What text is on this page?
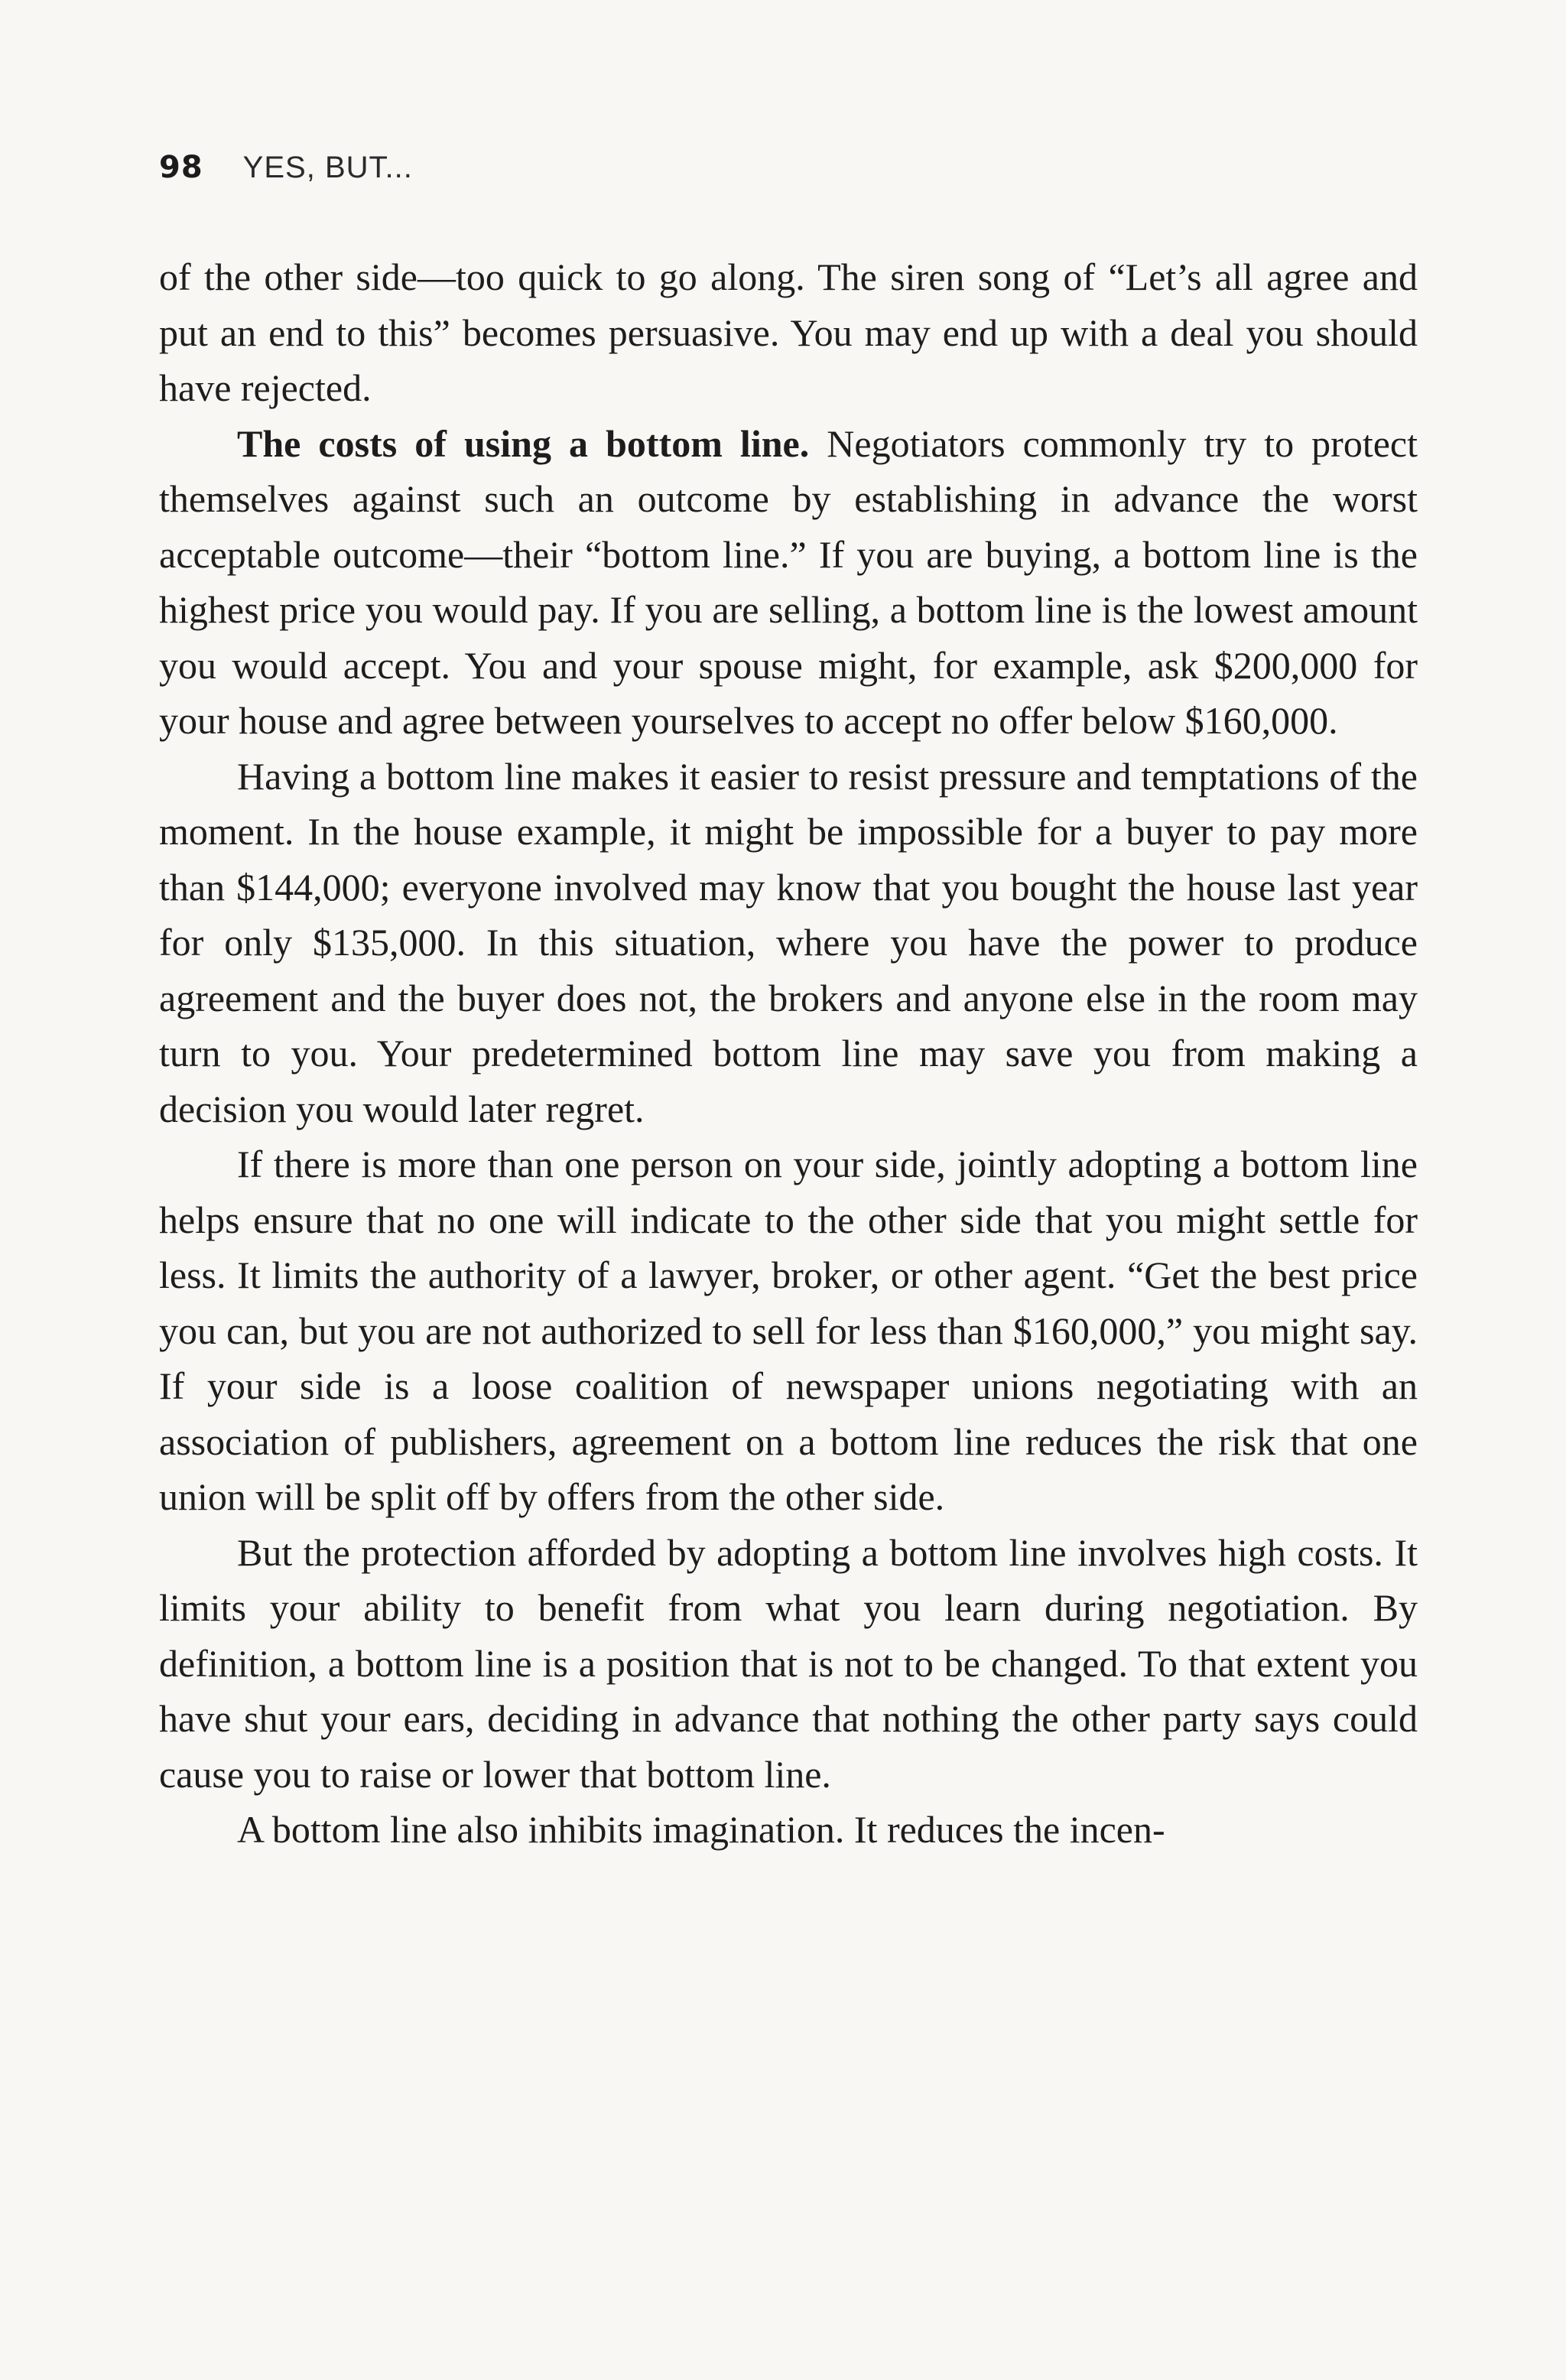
98 YES, BUT...

of the other side—too quick to go along. The siren song of “Let’s all agree and put an end to this” becomes persuasive. You may end up with a deal you should have rejected.

The costs of using a bottom line. Negotiators commonly try to protect themselves against such an outcome by establishing in advance the worst acceptable outcome—their “bottom line.” If you are buying, a bottom line is the highest price you would pay. If you are selling, a bottom line is the lowest amount you would accept. You and your spouse might, for example, ask $200,000 for your house and agree between yourselves to accept no offer below $160,000.

Having a bottom line makes it easier to resist pressure and temptations of the moment. In the house example, it might be impossible for a buyer to pay more than $144,000; everyone involved may know that you bought the house last year for only $135,000. In this situation, where you have the power to produce agreement and the buyer does not, the brokers and anyone else in the room may turn to you. Your predetermined bottom line may save you from making a decision you would later regret.

If there is more than one person on your side, jointly adopting a bottom line helps ensure that no one will indicate to the other side that you might settle for less. It limits the authority of a lawyer, broker, or other agent. “Get the best price you can, but you are not authorized to sell for less than $160,000,” you might say. If your side is a loose coalition of newspaper unions negotiating with an association of publishers, agreement on a bottom line reduces the risk that one union will be split off by offers from the other side.

But the protection afforded by adopting a bottom line involves high costs. It limits your ability to benefit from what you learn during negotiation. By definition, a bottom line is a position that is not to be changed. To that extent you have shut your ears, deciding in advance that nothing the other party says could cause you to raise or lower that bottom line.

A bottom line also inhibits imagination. It reduces the incen-
